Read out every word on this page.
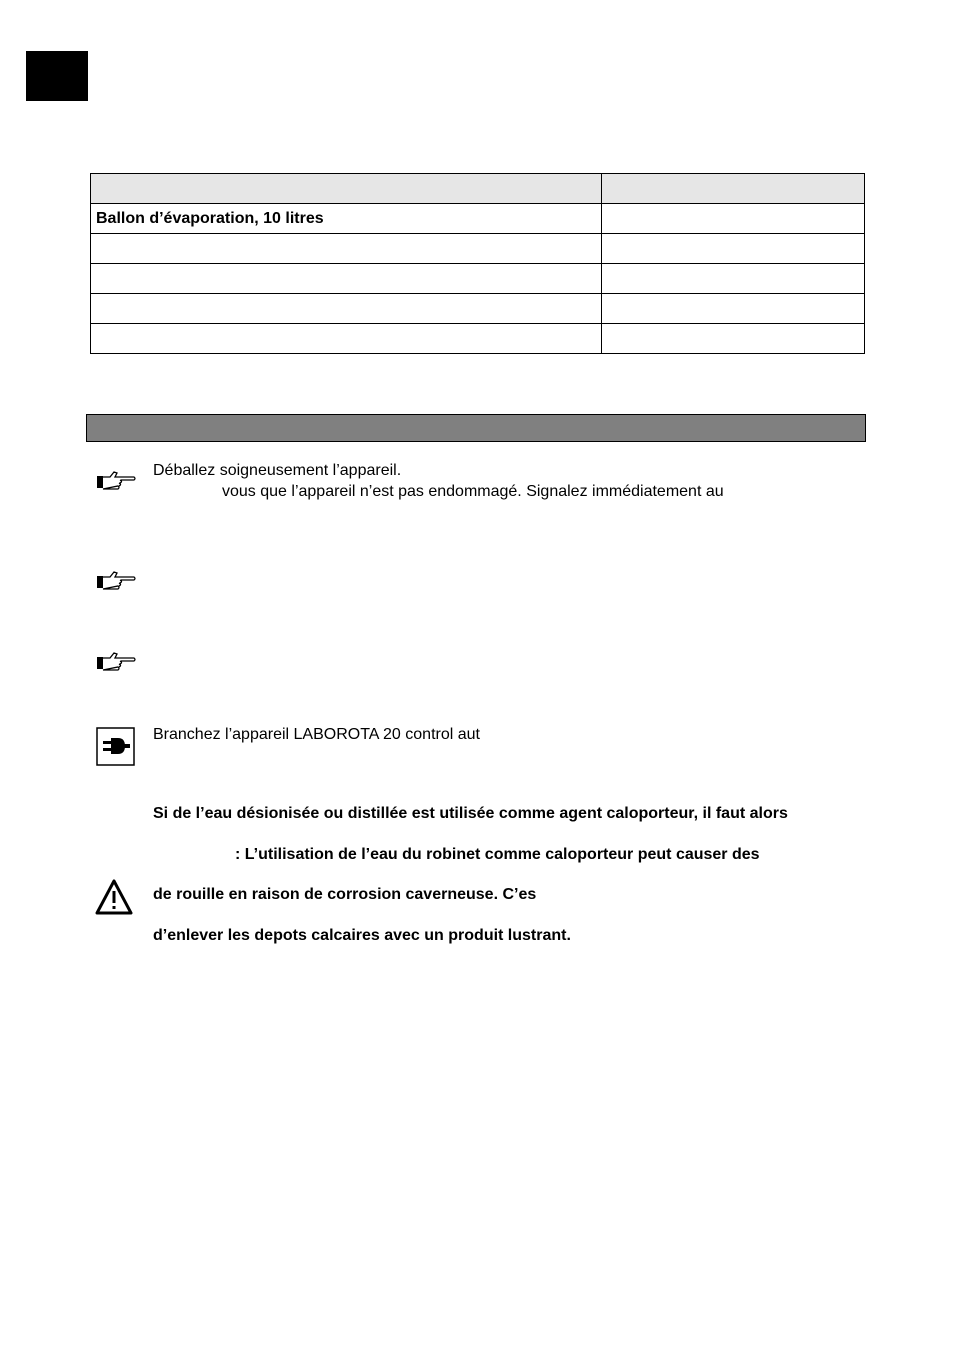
Ballon d’évaporation, 10 litres	

Déballez soigneusement l’appareil.
vous que l’appareil n’est pas endommagé. Signalez immédiatement au
Branchez l’appareil LABOROTA 20 control aut
Si de l’eau désionisée ou distillée est utilisée comme agent caloporteur, il faut alors
: L’utilisation de l’eau du robinet comme caloporteur peut causer des
de rouille en raison de corrosion caverneuse. C’es
d’enlever les depots calcaires avec un produit lustrant.
